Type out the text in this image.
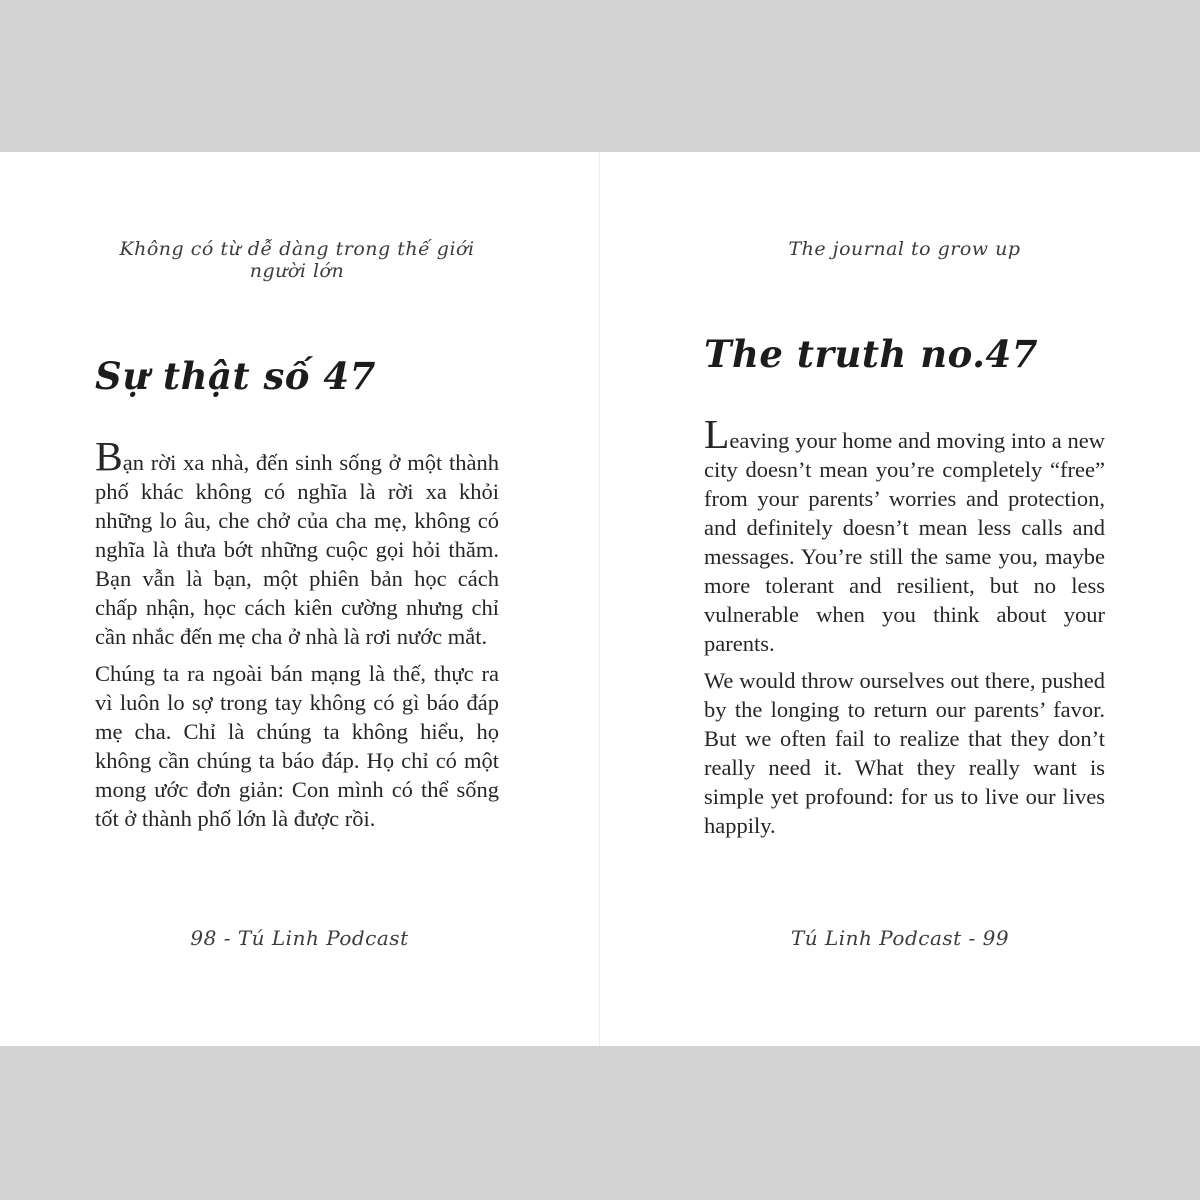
Không có từ dễ dàng trong thế giới người lớn
Sự thật số 47

Bạn rời xa nhà, đến sinh sống ở một thành phố khác không có nghĩa là rời xa khỏi những lo âu, che chở của cha mẹ, không có nghĩa là thưa bớt những cuộc gọi hỏi thăm. Bạn vẫn là bạn, một phiên bản học cách chấp nhận, học cách kiên cường nhưng chỉ cần nhắc đến mẹ cha ở nhà là rơi nước mắt.

Chúng ta ra ngoài bán mạng là thế, thực ra vì luôn lo sợ trong tay không có gì báo đáp mẹ cha. Chỉ là chúng ta không hiểu, họ không cần chúng ta báo đáp. Họ chỉ có một mong ước đơn giản: Con mình có thể sống tốt ở thành phố lớn là được rồi.

98 - Tú Linh Podcast
The journal to grow up
The truth no.47

Leaving your home and moving into a new city doesn’t mean you’re completely “free” from your parents’ worries and protection, and definitely doesn’t mean less calls and messages. You’re still the same you, maybe more tolerant and resilient, but no less vulnerable when you think about your parents.

We would throw ourselves out there, pushed by the longing to return our parents’ favor. But we often fail to realize that they don’t really need it. What they really want is simple yet profound: for us to live our lives happily.

Tú Linh Podcast - 99
